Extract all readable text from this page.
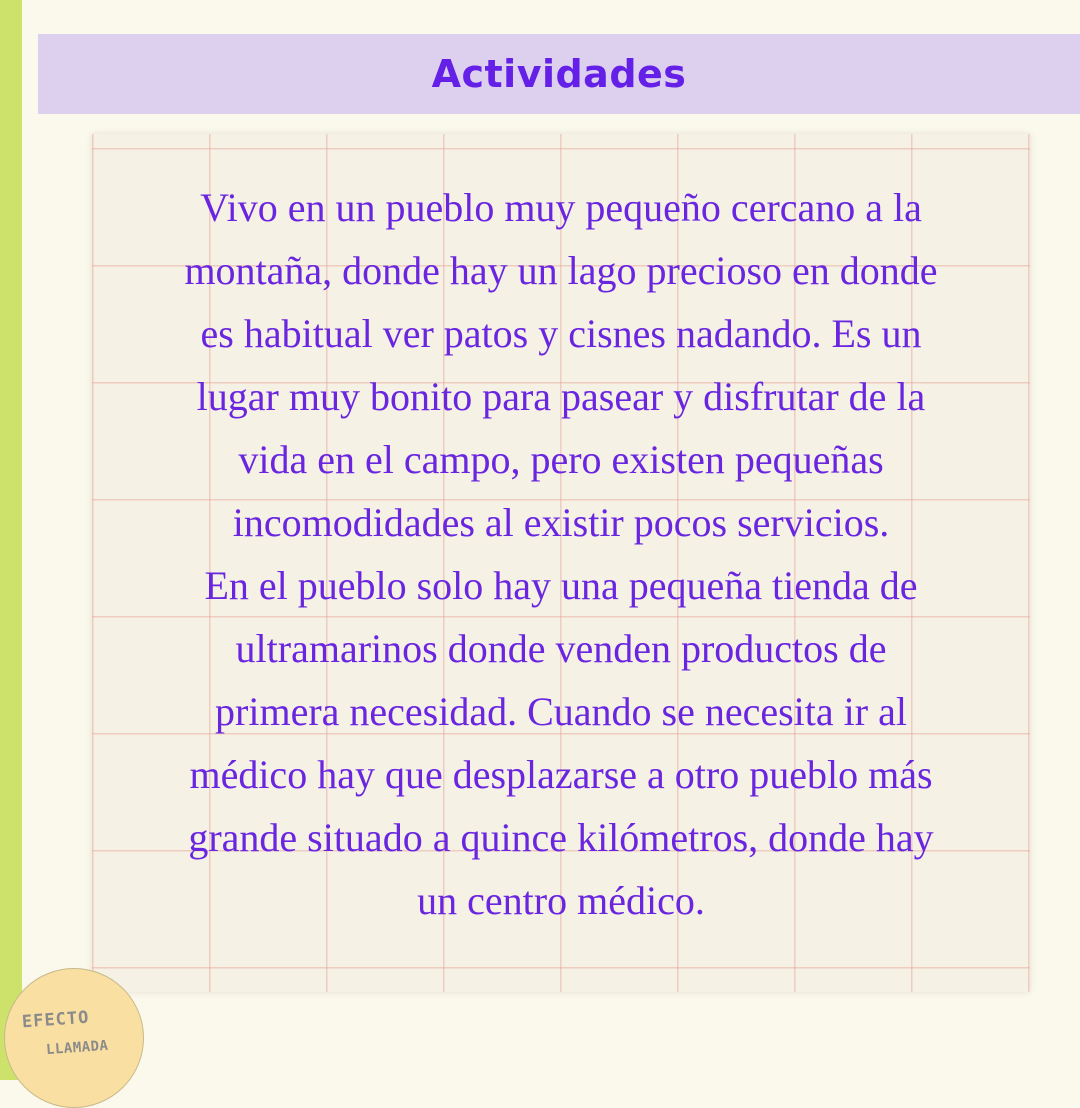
Actividades

Vivo en un pueblo muy pequeño cercano a la
montaña, donde hay un lago precioso en donde
es habitual ver patos y cisnes nadando. Es un
lugar muy bonito para pasear y disfrutar de la
vida en el campo, pero existen pequeñas
incomodidades al existir pocos servicios.

En el pueblo solo hay una pequeña tienda de
ultramarinos donde venden productos de
primera necesidad. Cuando se necesita ir al
médico hay que desplazarse a otro pueblo más
grande situado a quince kilómetros, donde hay
un centro médico.

EFECTO
LLAMADA
